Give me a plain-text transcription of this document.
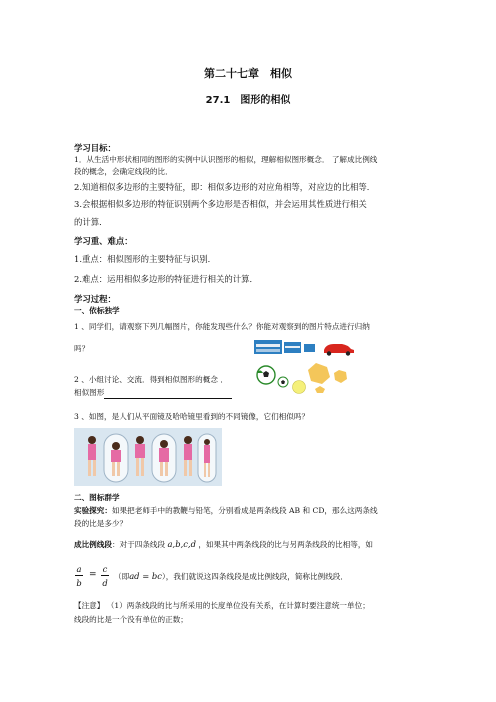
第二十七章　相似
27.1　图形的相似
学习目标：
1．从生活中形状相同的图形的实例中认识图形的相似，理解相似图形概念． 了解成比例线
段的概念，会确定线段的比．
2.知道相似多边形的主要特征，即：相似多边形的对应角相等，对应边的比相等．
3.会根据相似多边形的特征识别两个多边形是否相似，并会运用其性质进行相关
的计算．
学习重、难点：
1.重点：相似图形的主要特征与识别．
2.难点：运用相似多边形的特征进行相关的计算．
学习过程：
一、依标独学
1 、同学们，请观察下列几幅图片，你能发现些什么？你能对观察到的图片特点进行归纳
吗？
2 、小组讨论、交流．得到相似图形的概念 ．
相似图形
3 、如图，是人们从平面镜及哈哈镜里看到的不同镜像，它们相似吗？
二、图标群学
实验探究：如果把老师手中的教鞭与铅笔，分别看成是两条线段 AB 和 CD，那么这两条线
段的比是多少？
成比例线段：对于四条线段 a,b,c,d ，如果其中两条线段的比与另两条线段的比相等，如
a
b
=
c
d
（即ad = bc），我们就说这四条线段是成比例线段，简称比例线段．
【注意】 （1）两条线段的比与所采用的长度单位没有关系，在计算时要注意统一单位；
线段的比是一个没有单位的正数；
